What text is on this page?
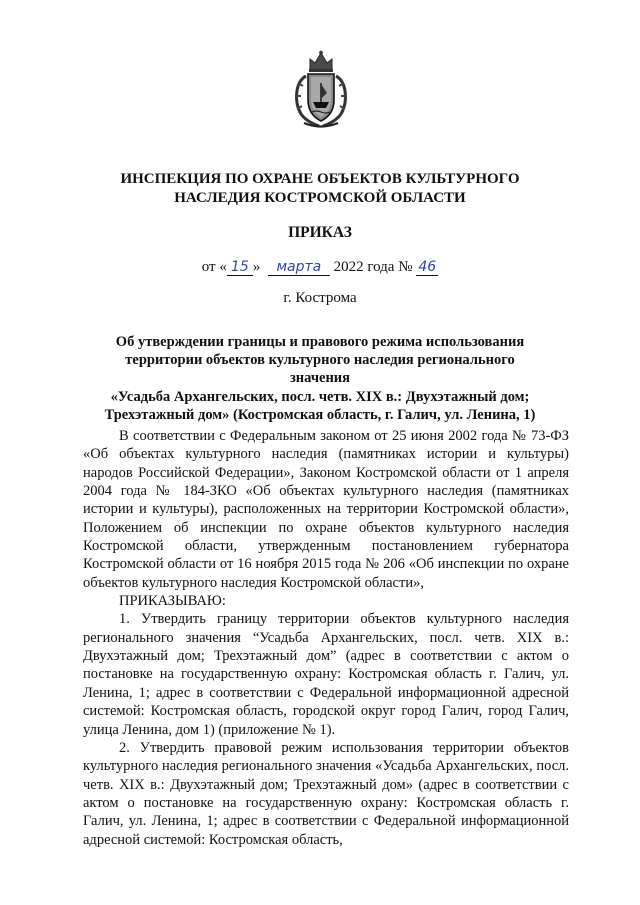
ИНСПЕКЦИЯ ПО ОХРАНЕ ОБЪЕКТОВ КУЛЬТУРНОГО
НАСЛЕДИЯ КОСТРОМСКОЙ ОБЛАСТИ
ПРИКАЗ
от « 15 » марта 2022 года № 46
г. Кострома
Об утверждении границы и правового режима использования
территории объектов культурного наследия регионального значения
«Усадьба Архангельских, посл. четв. XIX в.: Двухэтажный дом;
Трехэтажный дом» (Костромская область, г. Галич, ул. Ленина, 1)

В соответствии с Федеральным законом от 25 июня 2002 года № 73-ФЗ «Об объектах культурного наследия (памятниках истории и культуры) народов Российской Федерации», Законом Костромской области от 1 апреля 2004 года № 184-ЗКО «Об объектах культурного наследия (памятниках истории и культуры), расположенных на территории Костромской области», Положением об инспекции по охране объектов культурного наследия Костромской области, утвержденным постановлением губернатора Костромской области от 16 ноября 2015 года № 206 «Об инспекции по охране объектов культурного наследия Костромской области»,

ПРИКАЗЫВАЮ:

1. Утвердить границу территории объектов культурного наследия регионального значения “Усадьба Архангельских, посл. четв. XIX в.: Двухэтажный дом; Трехэтажный дом” (адрес в соответствии с актом о постановке на государственную охрану: Костромская область г. Галич, ул. Ленина, 1; адрес в соответствии с Федеральной информационной адресной системой: Костромская область, городской округ город Галич, город Галич, улица Ленина, дом 1) (приложение № 1).

2. Утвердить правовой режим использования территории объектов культурного наследия регионального значения «Усадьба Архангельских, посл. четв. XIX в.: Двухэтажный дом; Трехэтажный дом» (адрес в соответствии с актом о постановке на государственную охрану: Костромская область г. Галич, ул. Ленина, 1; адрес в соответствии с Федеральной информационной адресной системой: Костромская область,
